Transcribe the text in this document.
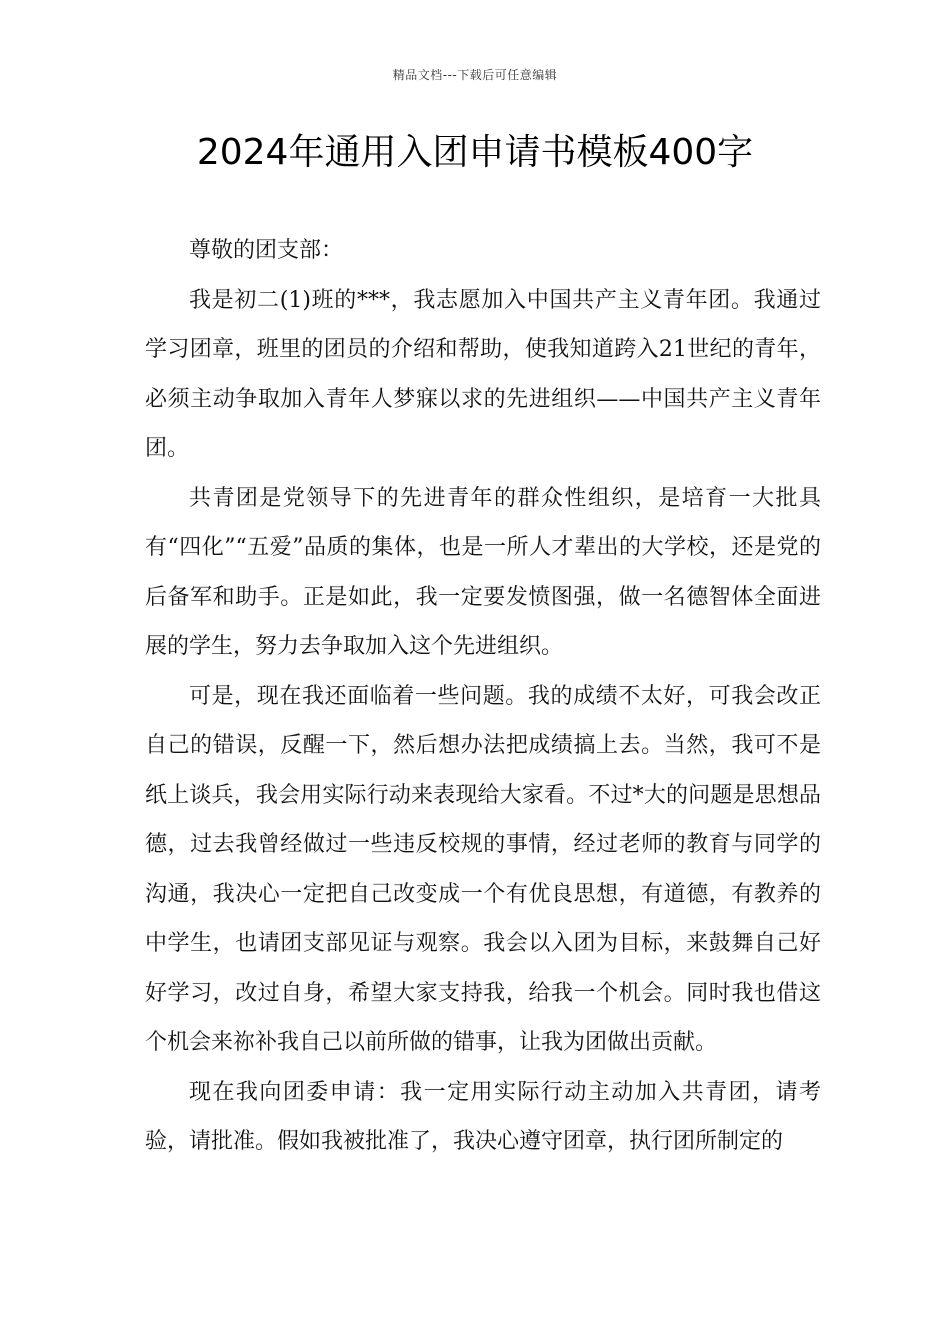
精品文档---下载后可任意编辑
2024年通用入团申请书模板400字

尊敬的团支部：

我是初二(1)班的***，我志愿加入中国共产主义青年团。我通过学习团章，班里的团员的介绍和帮助，使我知道跨入21世纪的青年，必须主动争取加入青年人梦寐以求的先进组织——中国共产主义青年团。

共青团是党领导下的先进青年的群众性组织，是培育一大批具有“四化”“五爱”品质的集体，也是一所人才辈出的大学校，还是党的后备军和助手。正是如此，我一定要发愤图强，做一名德智体全面进展的学生，努力去争取加入这个先进组织。

可是，现在我还面临着一些问题。我的成绩不太好，可我会改正自己的错误，反醒一下，然后想办法把成绩搞上去。当然，我可不是纸上谈兵，我会用实际行动来表现给大家看。不过*大的问题是思想品德，过去我曾经做过一些违反校规的事情，经过老师的教育与同学的沟通，我决心一定把自己改变成一个有优良思想，有道德，有教养的中学生，也请团支部见证与观察。我会以入团为目标，来鼓舞自己好好学习，改过自身，希望大家支持我，给我一个机会。同时我也借这个机会来祢补我自己以前所做的错事，让我为团做出贡献。

现在我向团委申请：我一定用实际行动主动加入共青团，请考验，请批准。假如我被批准了，我决心遵守团章，执行团所制定的
